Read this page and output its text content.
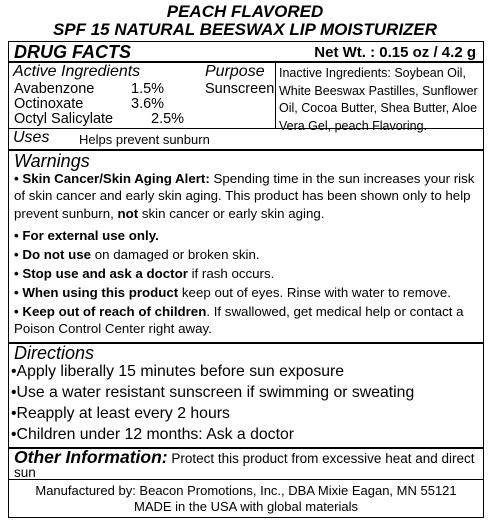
PEACH FLAVORED
SPF 15 NATURAL BEESWAX LIP MOISTURIZER
DRUG FACTS	Net Wt. : 0.15 oz / 4.2 g
Active Ingredients	Purpose
Avabenzone	1.5%	Sunscreen
Octinoxate	3.6%
Octyl Salicylate	2.5%
Inactive Ingredients: Soybean Oil, White Beeswax Pastilles, Sunflower Oil, Cocoa Butter, Shea Butter, Aloe Vera Gel, peach Flavoring.
Uses Helps prevent sunburn
Warnings
• Skin Cancer/Skin Aging Alert: Spending time in the sun increases your risk of skin cancer and early skin aging. This product has been shown only to help prevent sunburn, not skin cancer or early skin aging.
• For external use only.
• Do not use on damaged or broken skin.
• Stop use and ask a doctor if rash occurs.
• When using this product keep out of eyes. Rinse with water to remove.
• Keep out of reach of children. If swallowed, get medical help or contact a Poison Control Center right away.
Directions
•Apply liberally 15 minutes before sun exposure
•Use a water resistant sunscreen if swimming or sweating
•Reapply at least every 2 hours
•Children under 12 months: Ask a doctor
Other Information: Protect this product from excessive heat and direct sun
Manufactured by: Beacon Promotions, Inc., DBA Mixie Eagan, MN 55121
MADE in the USA with global materials
